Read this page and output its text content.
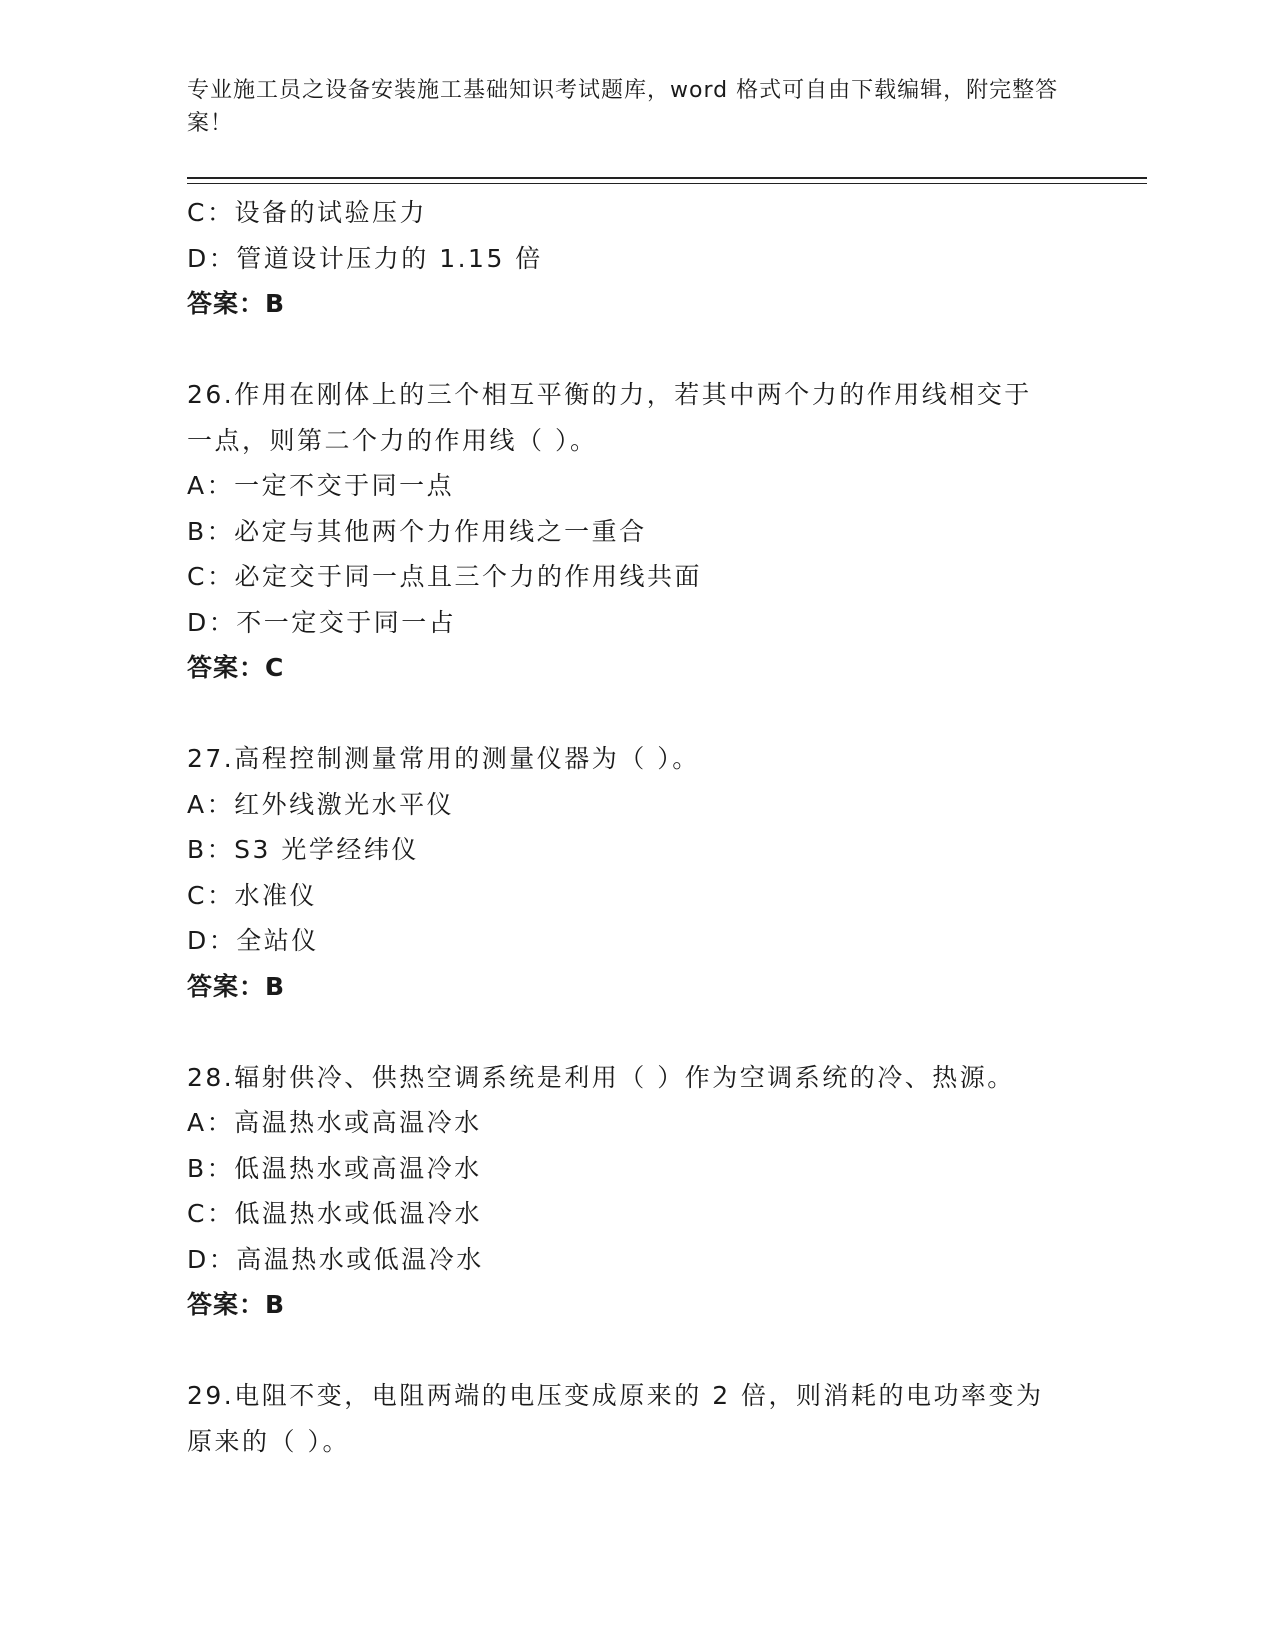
专业施工员之设备安装施工基础知识考试题库，word 格式可自由下载编辑，附完整答案！
C：设备的试验压力
D：管道设计压力的 1.15 倍
答案：B
26.作用在刚体上的三个相互平衡的力，若其中两个力的作用线相交于
一点，则第二个力的作用线（ ）。
A：一定不交于同一点
B：必定与其他两个力作用线之一重合
C：必定交于同一点且三个力的作用线共面
D：不一定交于同一占
答案：C
27.高程控制测量常用的测量仪器为（ ）。
A：红外线激光水平仪
B：S3 光学经纬仪
C：水准仪
D：全站仪
答案：B
28.辐射供冷、供热空调系统是利用（ ）作为空调系统的冷、热源。
A：高温热水或高温冷水
B：低温热水或高温冷水
C：低温热水或低温冷水
D：高温热水或低温冷水
答案：B
29.电阻不变，电阻两端的电压变成原来的 2 倍，则消耗的电功率变为
原来的（ ）。
